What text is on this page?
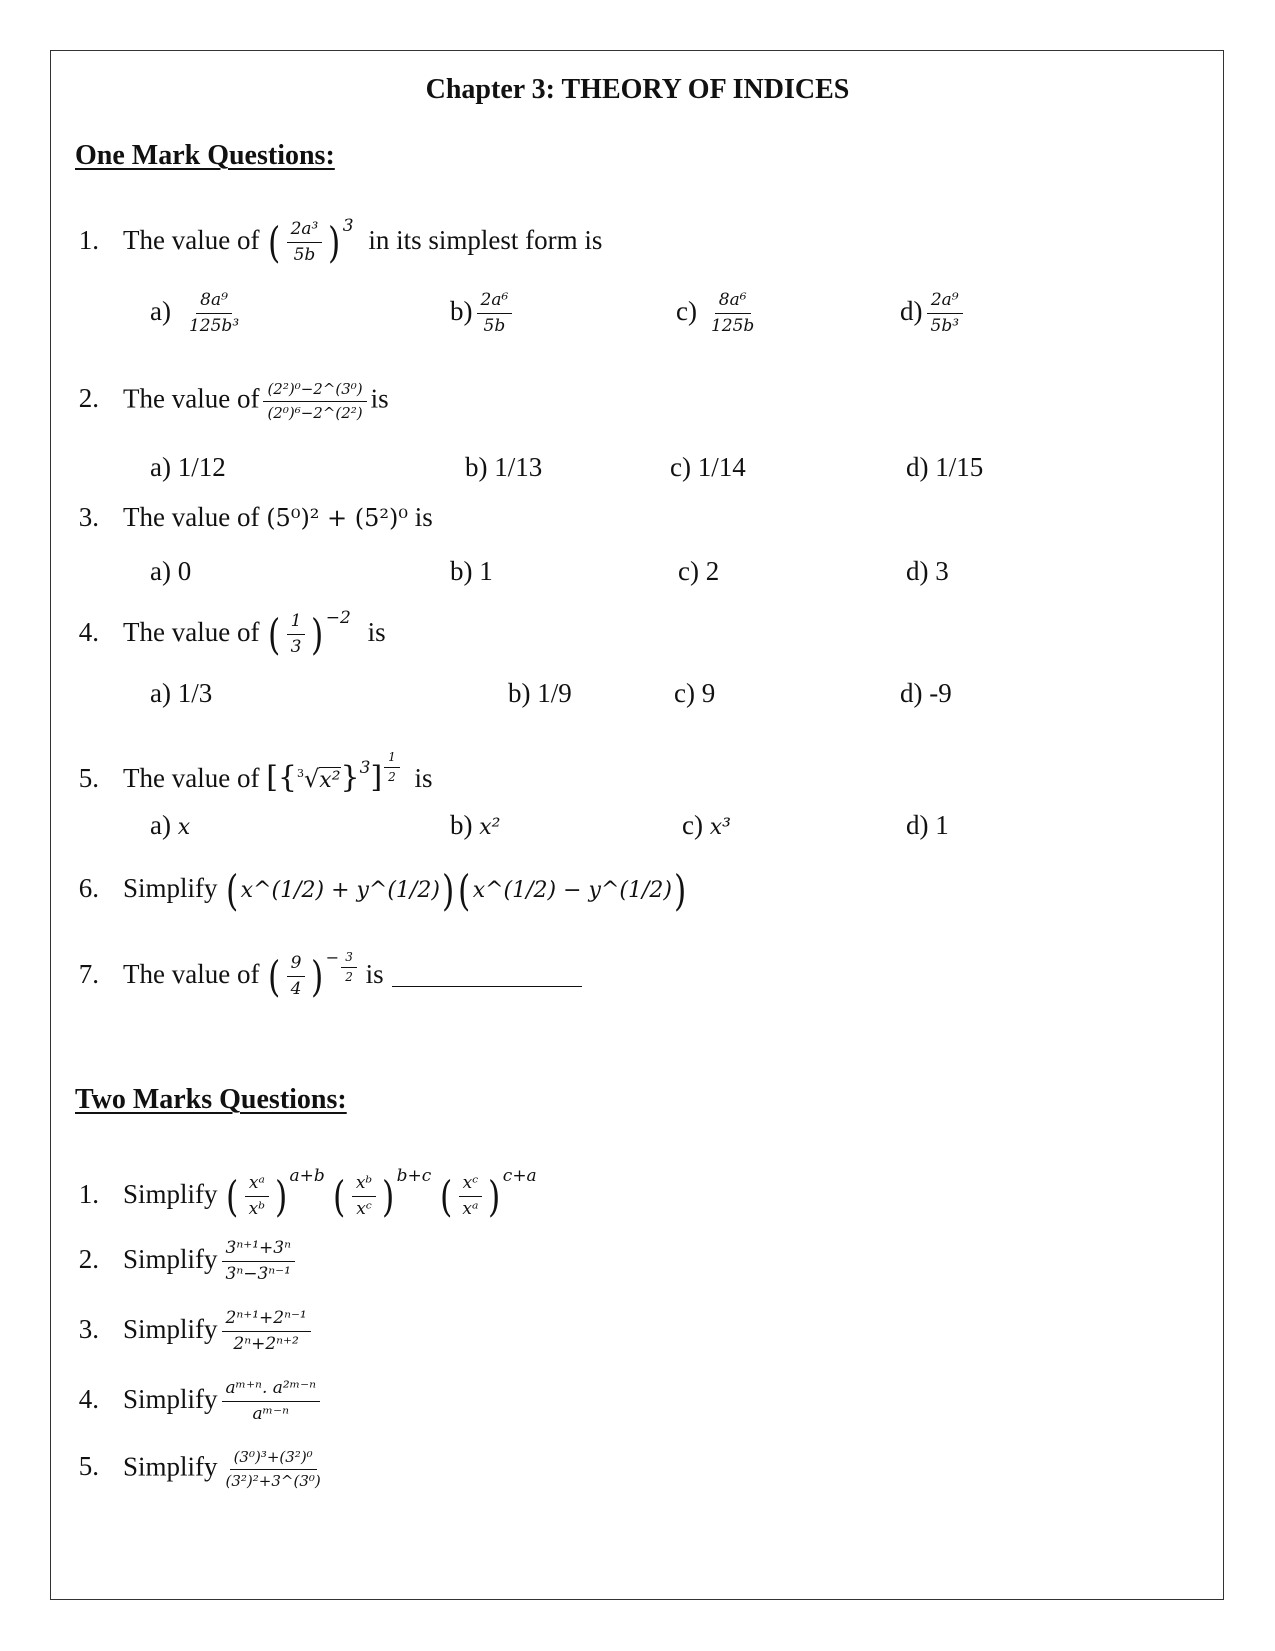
Chapter 3: THEORY OF INDICES
One Mark Questions:
1. The value of ( $\frac{\text{2a³}}{5b}$ ) $^3$ in its simplest form is
$a) \frac{\text{8a⁹}}{\text{125b³}}$	$b) \frac{\text{2a⁶}}{5b}$	$c) \frac{\text{8a⁶}}{125b}$	$d) \frac{\text{2a⁹}}{\text{5b³}}$
2. The value of $\frac{\text{(2²)⁰−2\textasciicircum{}(3⁰)}}{\text{(2⁰)⁶−2\textasciicircum{}(2²)}}$ is
a) 1/12	b) 1/13	c) 1/14	d) 1/15
3. The value of (5⁰)² + (5²)⁰ is
a) 0	b) 1	c) 2	d) 3
4. The value of ( $\frac{1}{3}$ ) $^{-2}$ is
a) 1/3	b) 1/9	c) 9	d) -9
5. The value of $[\{^3√x^2\}^3] \frac{1}{2}$ is
a) x	b) x²	c) x³	d) 1
6. Simplify (x^(1/2) + y^(1/2))(x^(1/2) − y^(1/2))
7. The value of ( $\frac{9}{4}$ ) $^- \frac{3}{2}$ is
Two Marks Questions:
1. Simplify ( $\frac{\text{xᵃ}}{\text{xᵇ}}$ ) $^{a+b}$ ( $\frac{\text{xᵇ}}{\text{xᶜ}}$ ) $^{b+c}$ ( $\frac{\text{xᶜ}}{\text{xᵃ}}$ ) $^{c+a}$
2. Simplify $\frac{\text{3ⁿ⁺¹+3ⁿ}}{\text{3ⁿ−3ⁿ⁻¹}}$
3. Simplify $\frac{\text{2ⁿ⁺¹+2ⁿ⁻¹}}{\text{2ⁿ+2ⁿ⁺²}}$
4. Simplify $\frac{\text{aᵐ⁺ⁿ. a²ᵐ⁻ⁿ}}{\text{aᵐ⁻ⁿ}}$
5. Simplify $\frac{\text{(3⁰)³+(3²)⁰}}{\text{(3²)²+3\textasciicircum{}(3⁰)}}$
